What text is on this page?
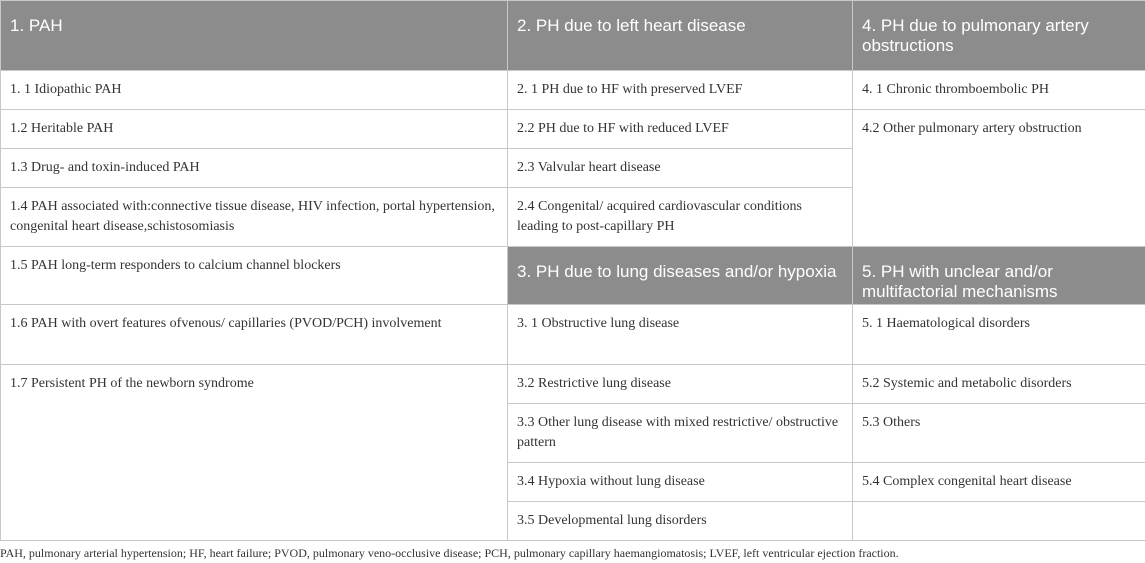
1. PAH	2. PH due to left heart disease	4. PH due to pulmonary artery obstructions
1. 1 Idiopathic PAH	2. 1 PH due to HF with preserved LVEF	4. 1 Chronic thromboembolic PH
1.2 Heritable PAH	2.2 PH due to HF with reduced LVEF	4.2 Other pulmonary artery obstruction
1.3 Drug- and toxin-induced PAH	2.3 Valvular heart disease	
1.4 PAH associated with:connective tissue disease, HIV infection, portal hypertension, congenital heart disease,schistosomiasis	2.4 Congenital/ acquired cardiovascular conditions leading to post-capillary PH	
1.5 PAH long-term responders to calcium channel blockers	3. PH due to lung diseases and/or hypoxia	5. PH with unclear and/or multifactorial mechanisms
1.6 PAH with overt features ofvenous/ capillaries (PVOD/PCH) involvement	3. 1 Obstructive lung disease	5. 1 Haematological disorders
1.7 Persistent PH of the newborn syndrome	3.2 Restrictive lung disease	5.2 Systemic and metabolic disorders
	3.3 Other lung disease with mixed restrictive/ obstructive pattern	5.3 Others
	3.4 Hypoxia without lung disease	5.4 Complex congenital heart disease
	3.5 Developmental lung disorders	
PAH, pulmonary arterial hypertension; HF, heart failure; PVOD, pulmonary veno-occlusive disease; PCH, pulmonary capillary haemangiomatosis; LVEF, left ventricular ejection fraction.
